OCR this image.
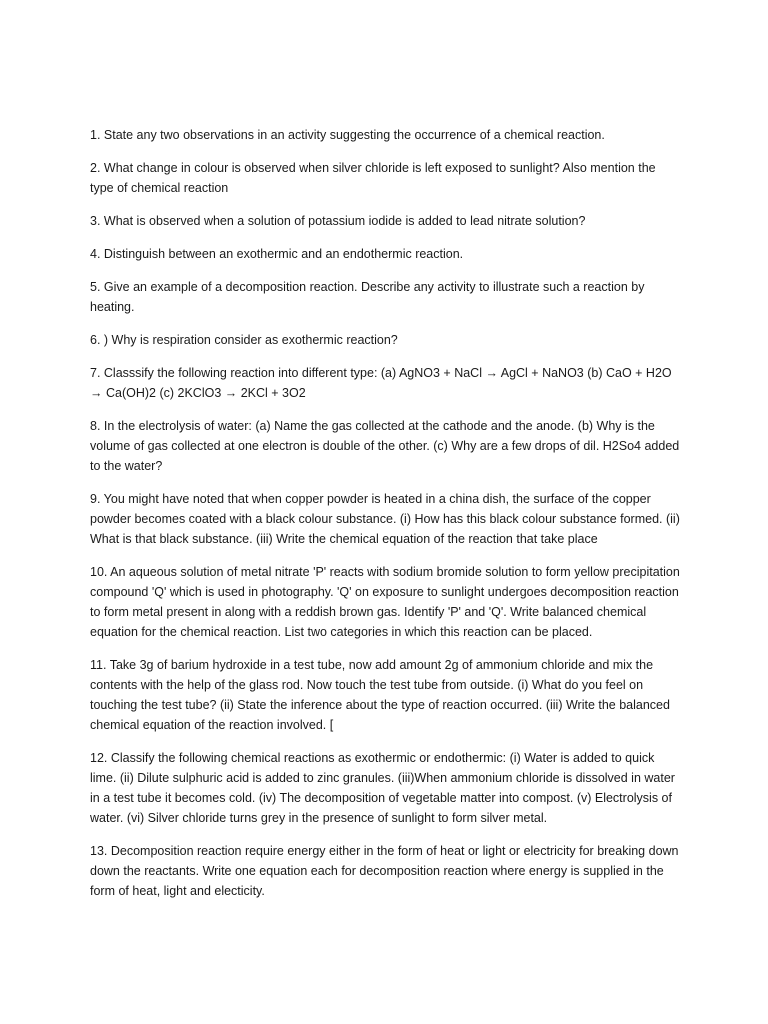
1. State any two observations in an activity suggesting the occurrence of a chemical reaction.

2. What change in colour is observed when silver chloride is left exposed to sunlight? Also mention the type of chemical reaction

3. What is observed when a solution of potassium iodide is added to lead nitrate solution?

4. Distinguish between an exothermic and an endothermic reaction.

5. Give an example of a decomposition reaction. Describe any activity to illustrate such a reaction by heating.

6. ) Why is respiration consider as exothermic reaction?

7. Classsify the following reaction into different type: (a) AgNO3 + NaCl → AgCl + NaNO3 (b) CaO + H2O → Ca(OH)2 (c) 2KClO3 → 2KCl + 3O2

8. In the electrolysis of water: (a) Name the gas collected at the cathode and the anode. (b) Why is the volume of gas collected at one electron is double of the other. (c) Why are a few drops of dil. H2So4 added to the water?

9. You might have noted that when copper powder is heated in a china dish, the surface of the copper powder becomes coated with a black colour substance. (i) How has this black colour substance formed. (ii) What is that black substance. (iii) Write the chemical equation of the reaction that take place

10. An aqueous solution of metal nitrate 'P' reacts with sodium bromide solution to form yellow precipitation compound 'Q' which is used in photography. 'Q' on exposure to sunlight undergoes decomposition reaction to form metal present in along with a reddish brown gas. Identify 'P' and 'Q'. Write balanced chemical equation for the chemical reaction. List two categories in which this reaction can be placed.

11. Take 3g of barium hydroxide in a test tube, now add amount 2g of ammonium chloride and mix the contents with the help of the glass rod. Now touch the test tube from outside. (i) What do you feel on touching the test tube? (ii) State the inference about the type of reaction occurred. (iii) Write the balanced chemical equation of the reaction involved. [

12. Classify the following chemical reactions as exothermic or endothermic: (i) Water is added to quick lime. (ii) Dilute sulphuric acid is added to zinc granules. (iii)When ammonium chloride is dissolved in water in a test tube it becomes cold. (iv) The decomposition of vegetable matter into compost. (v) Electrolysis of water. (vi) Silver chloride turns grey in the presence of sunlight to form silver metal.

13. Decomposition reaction require energy either in the form of heat or light or electricity for breaking down down the reactants. Write one equation each for decomposition reaction where energy is supplied in the form of heat, light and electicity.
